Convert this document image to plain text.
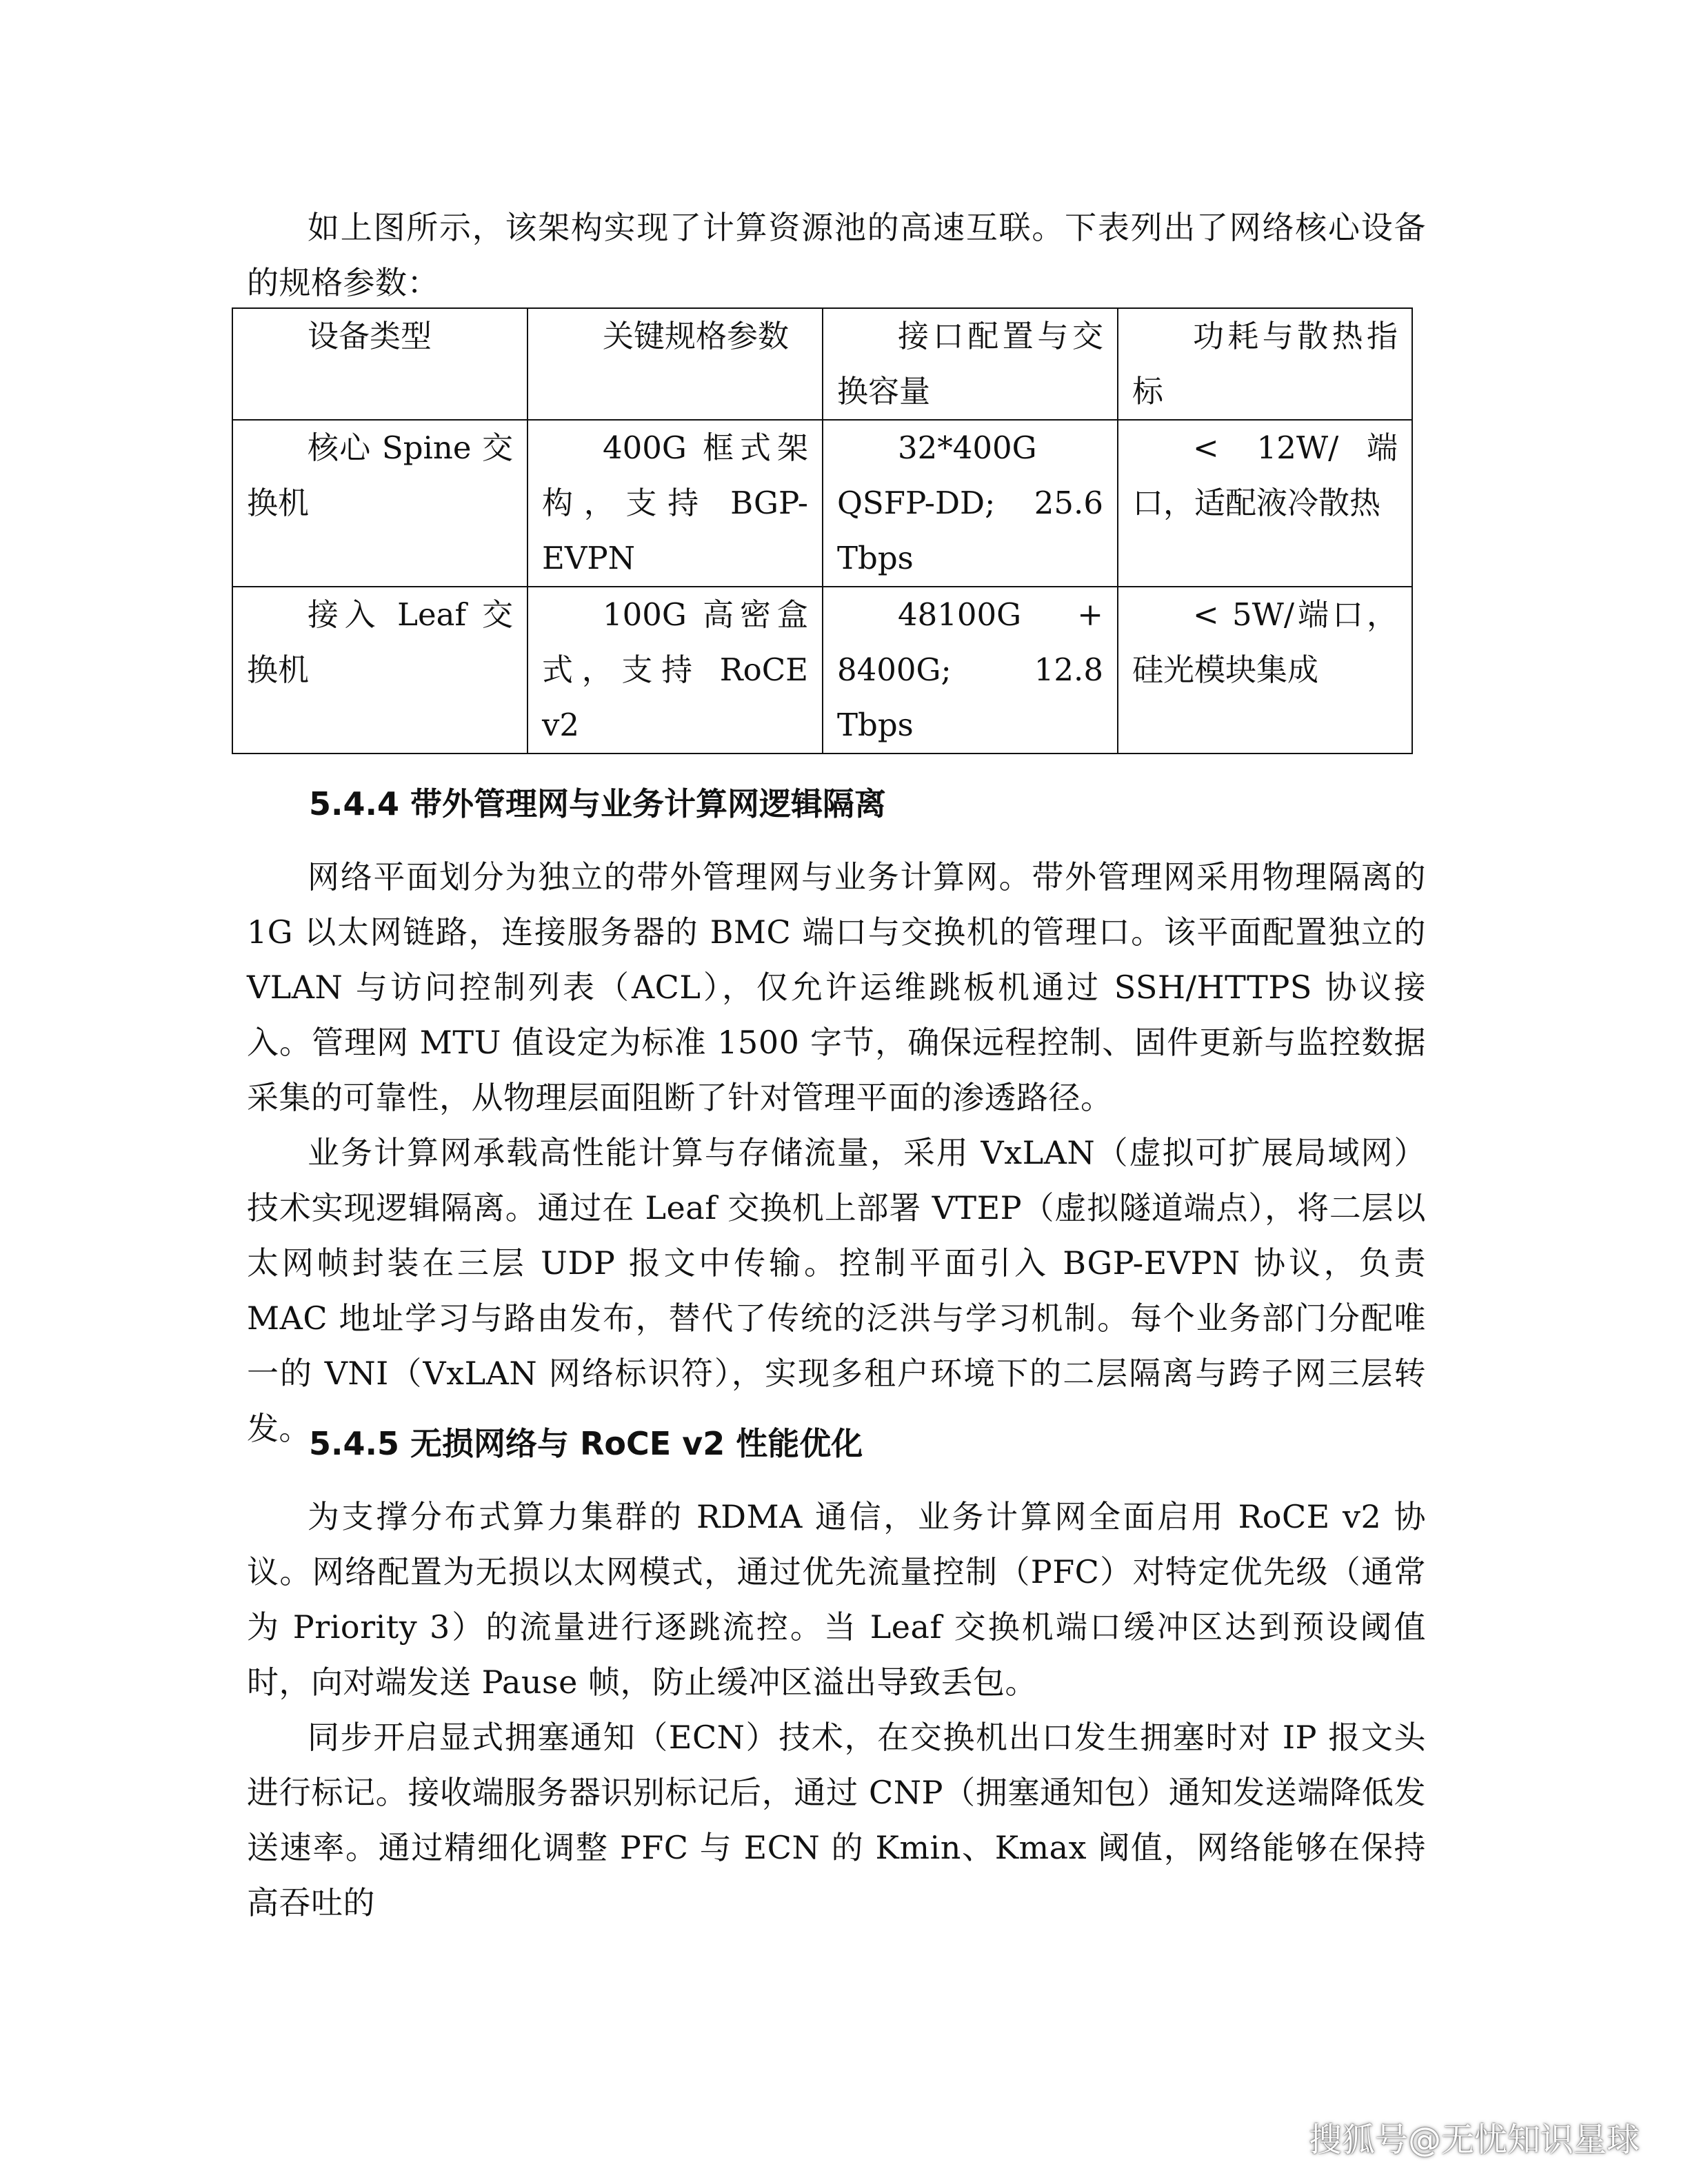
如上图所示，该架构实现了计算资源池的高速互联。下表列出了网络核心设备的规格参数：
设备类型	关键规格参数	接口配置与交换容量	功耗与散热指标

核心 Spine 交换机	400G 框式架构，支持 BGP-EVPN	32*400G QSFP-DD; 25.6 Tbps	< 12W/端口，适配液冷散热

接入 Leaf 交换机	100G 高密盒式，支持 RoCE v2	48100G + 8400G; 12.8 Tbps	< 5W/端口，硅光模块集成
5.4.4 带外管理网与业务计算网逻辑隔离
网络平面划分为独立的带外管理网与业务计算网。带外管理网采用物理隔离的 1G 以太网链路，连接服务器的 BMC 端口与交换机的管理口。该平面配置独立的 VLAN 与访问控制列表（ACL），仅允许运维跳板机通过 SSH/HTTPS 协议接入。管理网 MTU 值设定为标准 1500 字节，确保远程控制、固件更新与监控数据采集的可靠性，从物理层面阻断了针对管理平面的渗透路径。
业务计算网承载高性能计算与存储流量，采用 VxLAN（虚拟可扩展局域网）技术实现逻辑隔离。通过在 Leaf 交换机上部署 VTEP（虚拟隧道端点），将二层以太网帧封装在三层 UDP 报文中传输。控制平面引入 BGP-EVPN 协议，负责 MAC 地址学习与路由发布，替代了传统的泛洪与学习机制。每个业务部门分配唯一的 VNI（VxLAN 网络标识符），实现多租户环境下的二层隔离与跨子网三层转发。
5.4.5 无损网络与 RoCE v2 性能优化
为支撑分布式算力集群的 RDMA 通信，业务计算网全面启用 RoCE v2 协议。网络配置为无损以太网模式，通过优先流量控制（PFC）对特定优先级（通常为 Priority 3）的流量进行逐跳流控。当 Leaf 交换机端口缓冲区达到预设阈值时，向对端发送 Pause 帧，防止缓冲区溢出导致丢包。
同步开启显式拥塞通知（ECN）技术，在交换机出口发生拥塞时对 IP 报文头进行标记。接收端服务器识别标记后，通过 CNP（拥塞通知包）通知发送端降低发送速率。通过精细化调整 PFC 与 ECN 的 Kmin、Kmax 阈值，网络能够在保持高吞吐的
搜狐号@无忧知识星球
